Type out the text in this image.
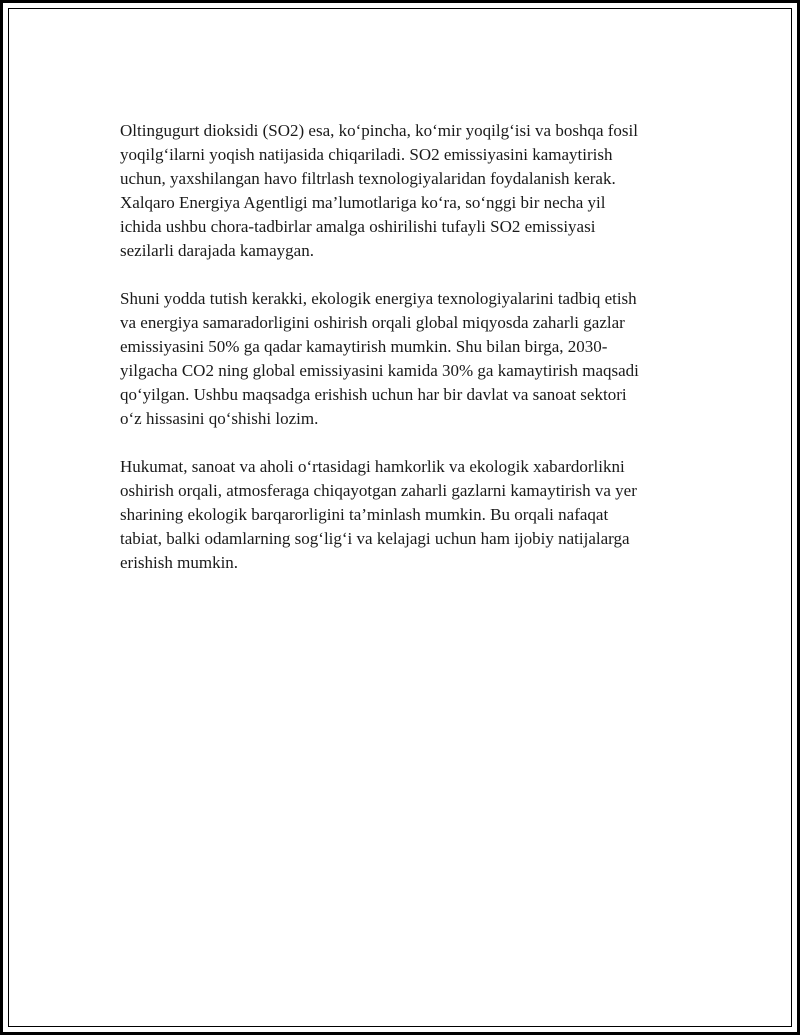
Oltingugurt dioksidi (SO2) esa, ko‘pincha, ko‘mir yoqilg‘isi va boshqa fosil
yoqilg‘ilarni yoqish natijasida chiqariladi. SO2 emissiyasini kamaytirish
uchun, yaxshilangan havo filtrlash texnologiyalaridan foydalanish kerak.
Xalqaro Energiya Agentligi ma’lumotlariga ko‘ra, so‘nggi bir necha yil
ichida ushbu chora-tadbirlar amalga oshirilishi tufayli SO2 emissiyasi
sezilarli darajada kamaygan.

Shuni yodda tutish kerakki, ekologik energiya texnologiyalarini tadbiq etish
va energiya samaradorligini oshirish orqali global miqyosda zaharli gazlar
emissiyasini 50% ga qadar kamaytirish mumkin. Shu bilan birga, 2030-
yilgacha CO2 ning global emissiyasini kamida 30% ga kamaytirish maqsadi
qo‘yilgan. Ushbu maqsadga erishish uchun har bir davlat va sanoat sektori
o‘z hissasini qo‘shishi lozim.

Hukumat, sanoat va aholi o‘rtasidagi hamkorlik va ekologik xabardorlikni
oshirish orqali, atmosferaga chiqayotgan zaharli gazlarni kamaytirish va yer
sharining ekologik barqarorligini ta’minlash mumkin. Bu orqali nafaqat
tabiat, balki odamlarning sog‘lig‘i va kelajagi uchun ham ijobiy natijalarga
erishish mumkin.
